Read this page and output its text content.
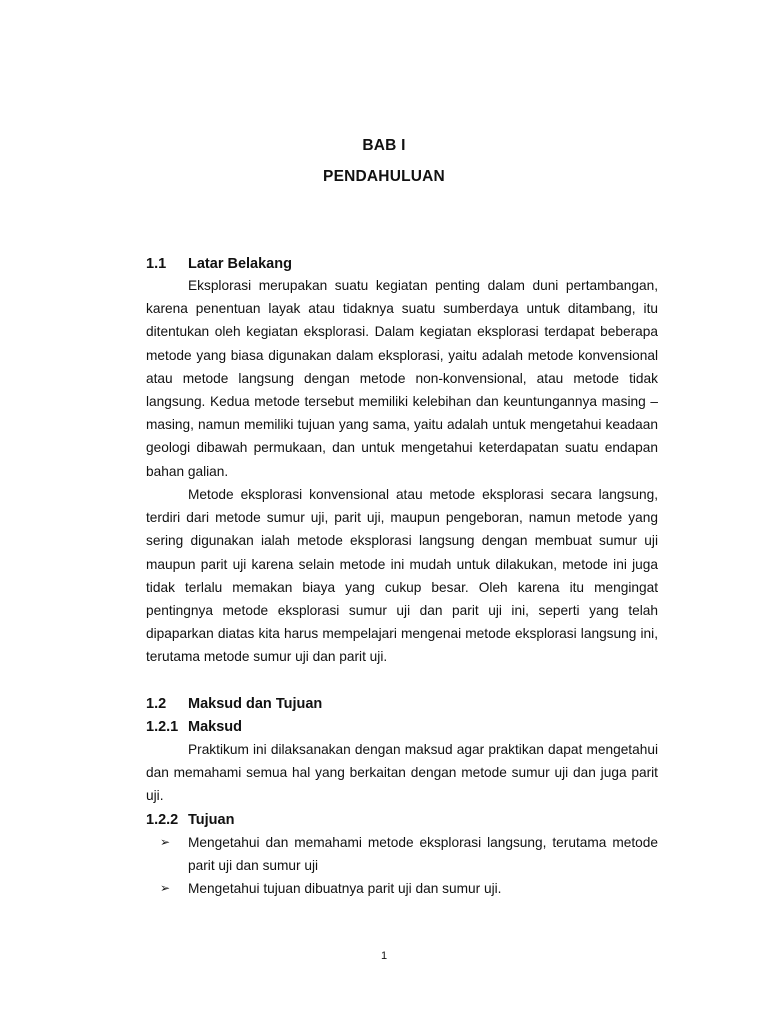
BAB I
PENDAHULUAN
1.1 Latar Belakang

Eksplorasi merupakan suatu kegiatan penting dalam duni pertambangan, karena penentuan layak atau tidaknya suatu sumberdaya untuk ditambang, itu ditentukan oleh kegiatan eksplorasi. Dalam kegiatan eksplorasi terdapat beberapa metode yang biasa digunakan dalam eksplorasi, yaitu adalah metode konvensional atau metode langsung dengan metode non-konvensional, atau metode tidak langsung. Kedua metode tersebut memiliki kelebihan dan keuntungannya masing – masing, namun memiliki tujuan yang sama, yaitu adalah untuk mengetahui keadaan geologi dibawah permukaan, dan untuk mengetahui keterdapatan suatu endapan bahan galian.

Metode eksplorasi konvensional atau metode eksplorasi secara langsung, terdiri dari metode sumur uji, parit uji, maupun pengeboran, namun metode yang sering digunakan ialah metode eksplorasi langsung dengan membuat sumur uji maupun parit uji karena selain metode ini mudah untuk dilakukan, metode ini juga tidak terlalu memakan biaya yang cukup besar. Oleh karena itu mengingat pentingnya metode eksplorasi sumur uji dan parit uji ini, seperti yang telah dipaparkan diatas kita harus mempelajari mengenai metode eksplorasi langsung ini, terutama metode sumur uji dan parit uji.

1.2 Maksud dan Tujuan
1.2.1 Maksud

Praktikum ini dilaksanakan dengan maksud agar praktikan dapat mengetahui dan memahami semua hal yang berkaitan dengan metode sumur uji dan juga parit uji.

1.2.2 Tujuan
➢ Mengetahui dan memahami metode eksplorasi langsung, terutama metode parit uji dan sumur uji
➢ Mengetahui tujuan dibuatnya parit uji dan sumur uji.
1
